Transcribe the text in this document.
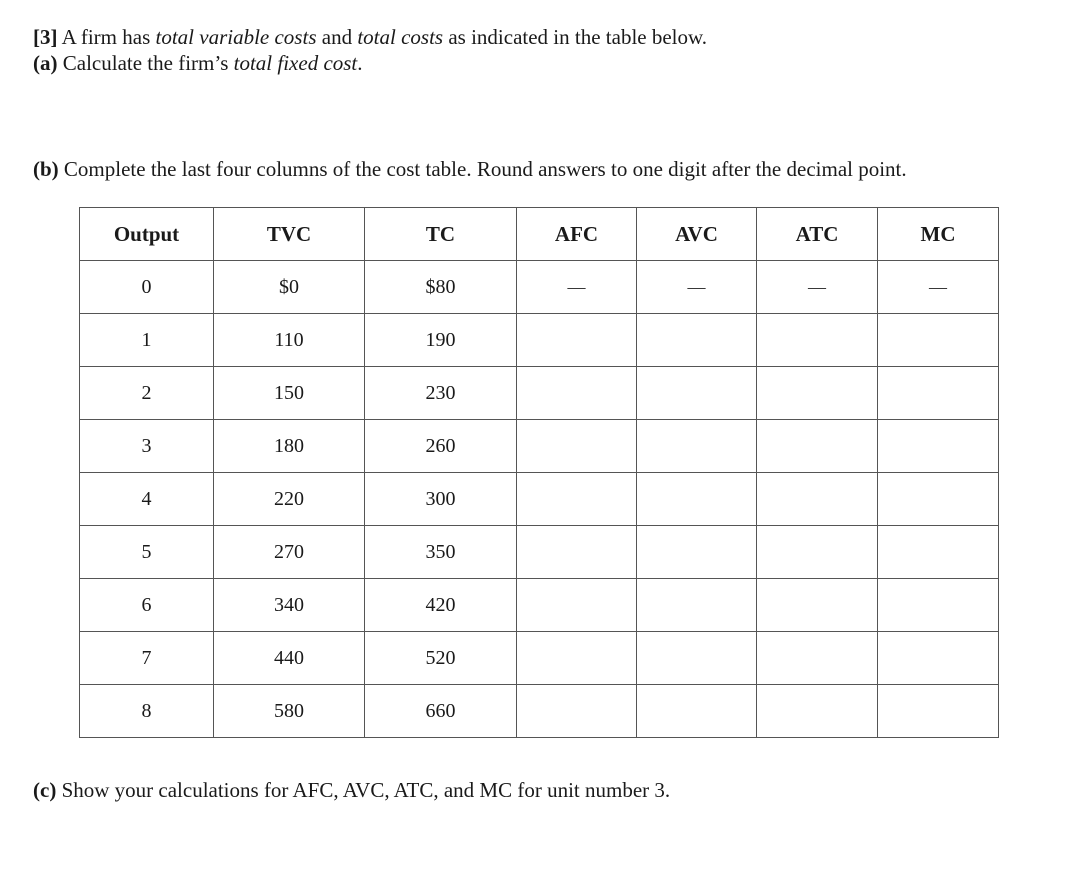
[3] A firm has total variable costs and total costs as indicated in the table below.
(a) Calculate the firm’s total fixed cost.
(b) Complete the last four columns of the cost table. Round answers to one digit after the decimal point.
Output	TVC	TC	AFC	AVC	ATC	MC
0	$0	$80	—	—	—	—
1	110	190				
2	150	230				
3	180	260				
4	220	300				
5	270	350				
6	340	420				
7	440	520				
8	580	660				
(c) Show your calculations for AFC, AVC, ATC, and MC for unit number 3.
